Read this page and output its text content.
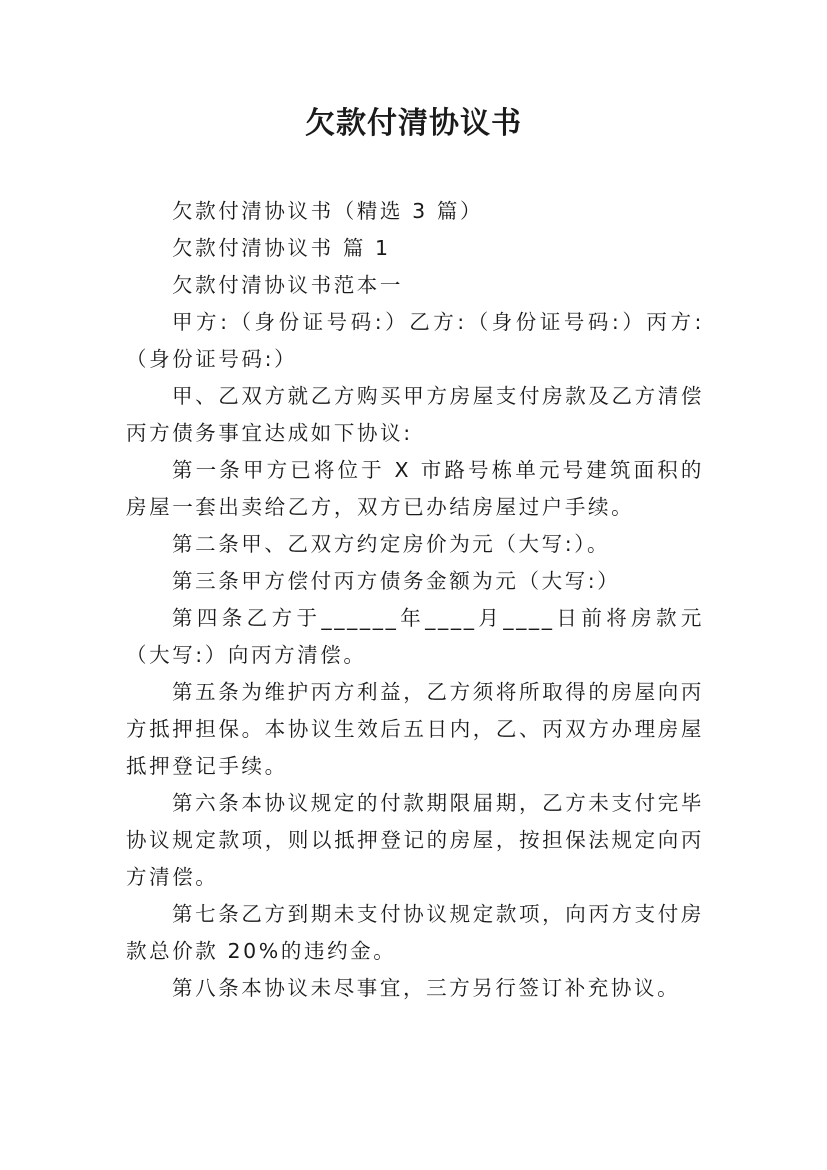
欠款付清协议书

欠款付清协议书（精选 3 篇）

欠款付清协议书 篇 1

欠款付清协议书范本一

甲方:（身份证号码:）乙方:（身份证号码:）丙方:（身份证号码:）

甲、乙双方就乙方购买甲方房屋支付房款及乙方清偿丙方债务事宜达成如下协议:

第一条甲方已将位于 X 市路号栋单元号建筑面积的房屋一套出卖给乙方，双方已办结房屋过户手续。

第二条甲、乙双方约定房价为元（大写:）。

第三条甲方偿付丙方债务金额为元（大写:）

第四条乙方于______年____月____日前将房款元（大写:）向丙方清偿。

第五条为维护丙方利益，乙方须将所取得的房屋向丙方抵押担保。本协议生效后五日内，乙、丙双方办理房屋抵押登记手续。

第六条本协议规定的付款期限届期，乙方未支付完毕协议规定款项，则以抵押登记的房屋，按担保法规定向丙方清偿。

第七条乙方到期未支付协议规定款项，向丙方支付房款总价款 20%的违约金。

第八条本协议未尽事宜，三方另行签订补充协议。
